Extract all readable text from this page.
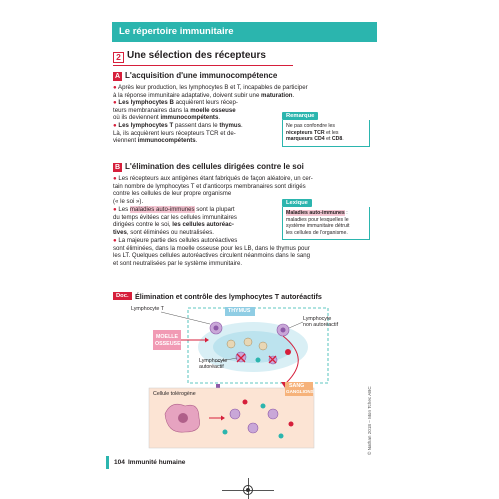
Le répertoire immunitaire
2 Une sélection des récepteurs
A L'acquisition d'une immunocompétence
● Après leur production, les lymphocytes B et T, incapables de participer
à la réponse immunitaire adaptative, doivent subir une maturation.
● Les lymphocytes B acquièrent leurs récep-
teurs membranaires dans la moelle osseuse
où ils deviennent immunocompétents.
● Les lymphocytes T passent dans le thymus.
Là, ils acquièrent leurs récepteurs TCR et de-
viennent immunocompétents.
Remarque
Ne pas confondre les
récepteurs TCR et les
marqueurs CD4 et CD8.
B L'élimination des cellules dirigées contre le soi
● Les récepteurs aux antigènes étant fabriqués de façon aléatoire, un cer-
tain nombre de lymphocytes T et d'anticorps membranaires sont dirigés
contre les cellules de leur propre organisme
(« le soi »).
● Les maladies auto-immunes sont la plupart
du temps évitées car les cellules immunitaires
dirigées contre le soi, les cellules autoréac-
tives, sont éliminées ou neutralisées.
● La majeure partie des cellules autoréactives
sont éliminées, dans la moelle osseuse pour les LB, dans le thymus pour
les LT. Quelques cellules autoréactives circulent néanmoins dans le sang
et sont neutralisées par le système immunitaire.
Lexique
Maladies auto-immunes :
maladies pour lesquelles le
système immunitaire détruit
les cellules de l'organisme.
Doc. Élimination et contrôle des lymphocytes T autoréactifs
Lymphocyte T	THYMUS
Lymphocyte
non autoréactif
MOELLE
OSSEUSE
Lymphocyte
autoréactif
SANG
GANGLIONS
Cellule tolérogène	© Nathan 2018 – Mon Tchec ABC
104 Immunité humaine
